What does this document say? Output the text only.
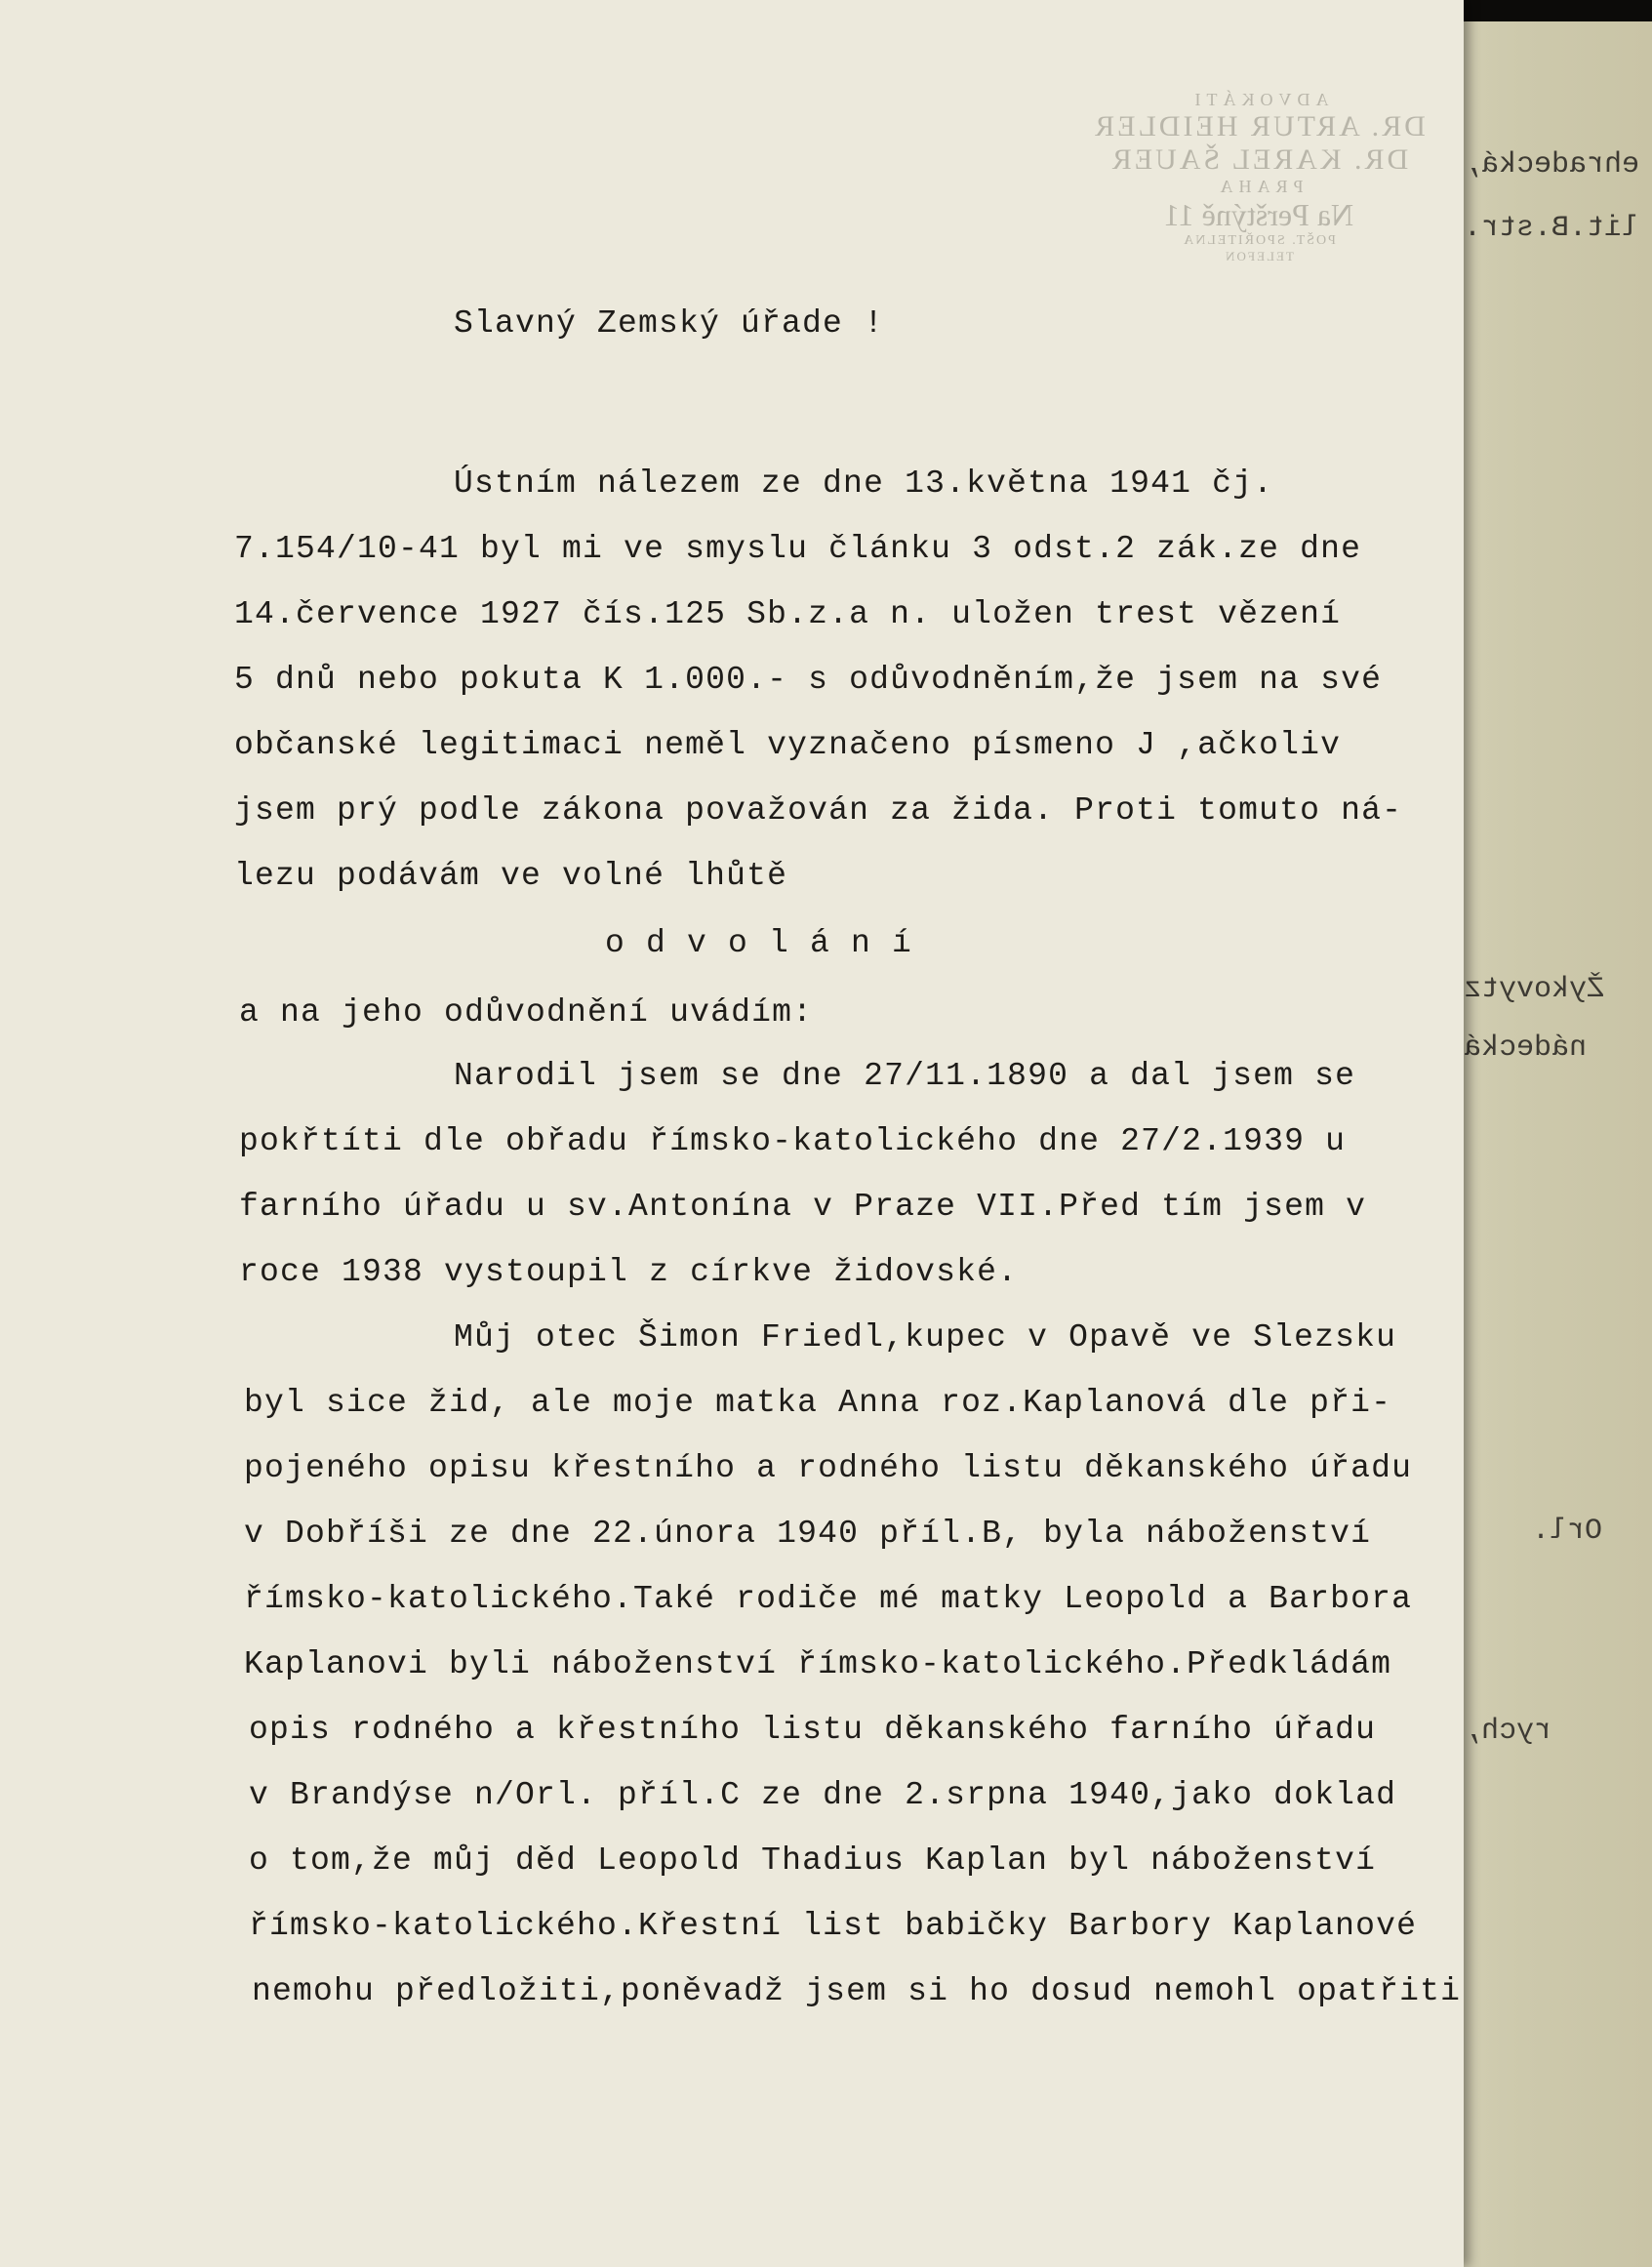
ehradecká,
lit.B.str.
Žykovytz
nádecká
Orl.
rych,
ADVOKÁTI
DR. ARTUR HEIDLER
DR. KAREL ŠAUER
PRAHA
Na Perštýně 11
POŠT. SPOŘITELNA
TELEFON
Slavný Zemský úřade !
Ústním nálezem ze dne 13.května 1941 čj.
7.154/10-41 byl mi ve smyslu článku 3 odst.2 zák.ze dne
14.července 1927 čís.125 Sb.z.a n. uložen trest vězení
5 dnů nebo pokuta K 1.000.- s odůvodněním,že jsem na své
občanské legitimaci neměl vyznačeno písmeno J ,ačkoliv
jsem prý podle zákona považován za žida. Proti tomuto ná-
lezu podávám ve volné lhůtě
o d v o l á n í
a na jeho odůvodnění uvádím:
Narodil jsem se dne 27/11.1890 a dal jsem se
pokřtíti dle obřadu římsko-katolického dne 27/2.1939 u
farního úřadu u sv.Antonína v Praze VII.Před tím jsem v
roce 1938 vystoupil z církve židovské.
Můj otec Šimon Friedl,kupec v Opavě ve Slezsku
byl sice žid, ale moje matka Anna roz.Kaplanová dle při-
pojeného opisu křestního a rodného listu děkanského úřadu
v Dobříši ze dne 22.února 1940 příl.B, byla náboženství
římsko-katolického.Také rodiče mé matky Leopold a Barbora
Kaplanovi byli náboženství římsko-katolického.Předkládám
opis rodného a křestního listu děkanského farního úřadu
v Brandýse n/Orl. příl.C ze dne 2.srpna 1940,jako doklad
o tom,že můj děd Leopold Thadius Kaplan byl náboženství
římsko-katolického.Křestní list babičky Barbory Kaplanové
nemohu předložiti,poněvadž jsem si ho dosud nemohl opatřiti
